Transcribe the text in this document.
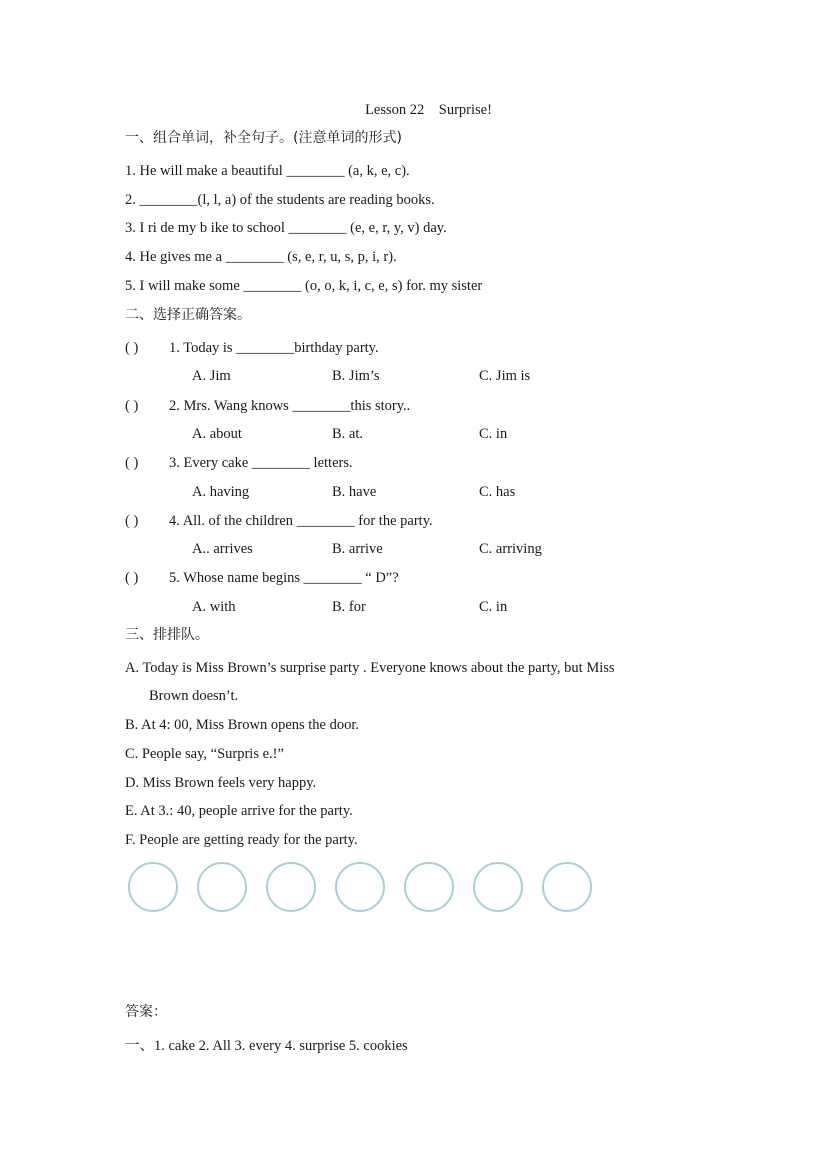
Lesson 22　Surprise!
一、组合单词，补全句子。(注意单词的形式)
1. He will make a beautiful ________ (a, k, e, c).
2. ________(l, l, a) of the students are reading books.
3. I ri de my b ike to school ________ (e, e, r, y, v) day.
4. He gives me a ________ (s, e, r, u, s, p, i, r).
5. I will make some ________ (o, o, k, i, c, e, s) for. my sister
二、选择正确答案。
( ) 1. Today is ________birthday party.
A. Jim	B. Jim’s	C. Jim is
( ) 2. Mrs. Wang knows ________this story..
A. about	B. at.	C. in
( ) 3. Every cake ________ letters.
A. having	B. have	C. has
( ) 4. All. of the children ________ for the party.
A.. arrives	B. arrive	C. arriving
( ) 5. Whose name begins ________ “ D”?
A. with	B. for	C. in
三、排排队。
A. Today is Miss Brown’s surprise party . Everyone knows about the party, but Miss
Brown doesn’t.
B. At 4: 00, Miss Brown opens the door.
C. People say, “Surpris e.!”
D. Miss Brown feels very happy.
E. At 3.: 40, people arrive for the party.
F. People are getting ready for the party.
答案：
一、1. cake 2. All 3. every 4. surprise 5. cookies
